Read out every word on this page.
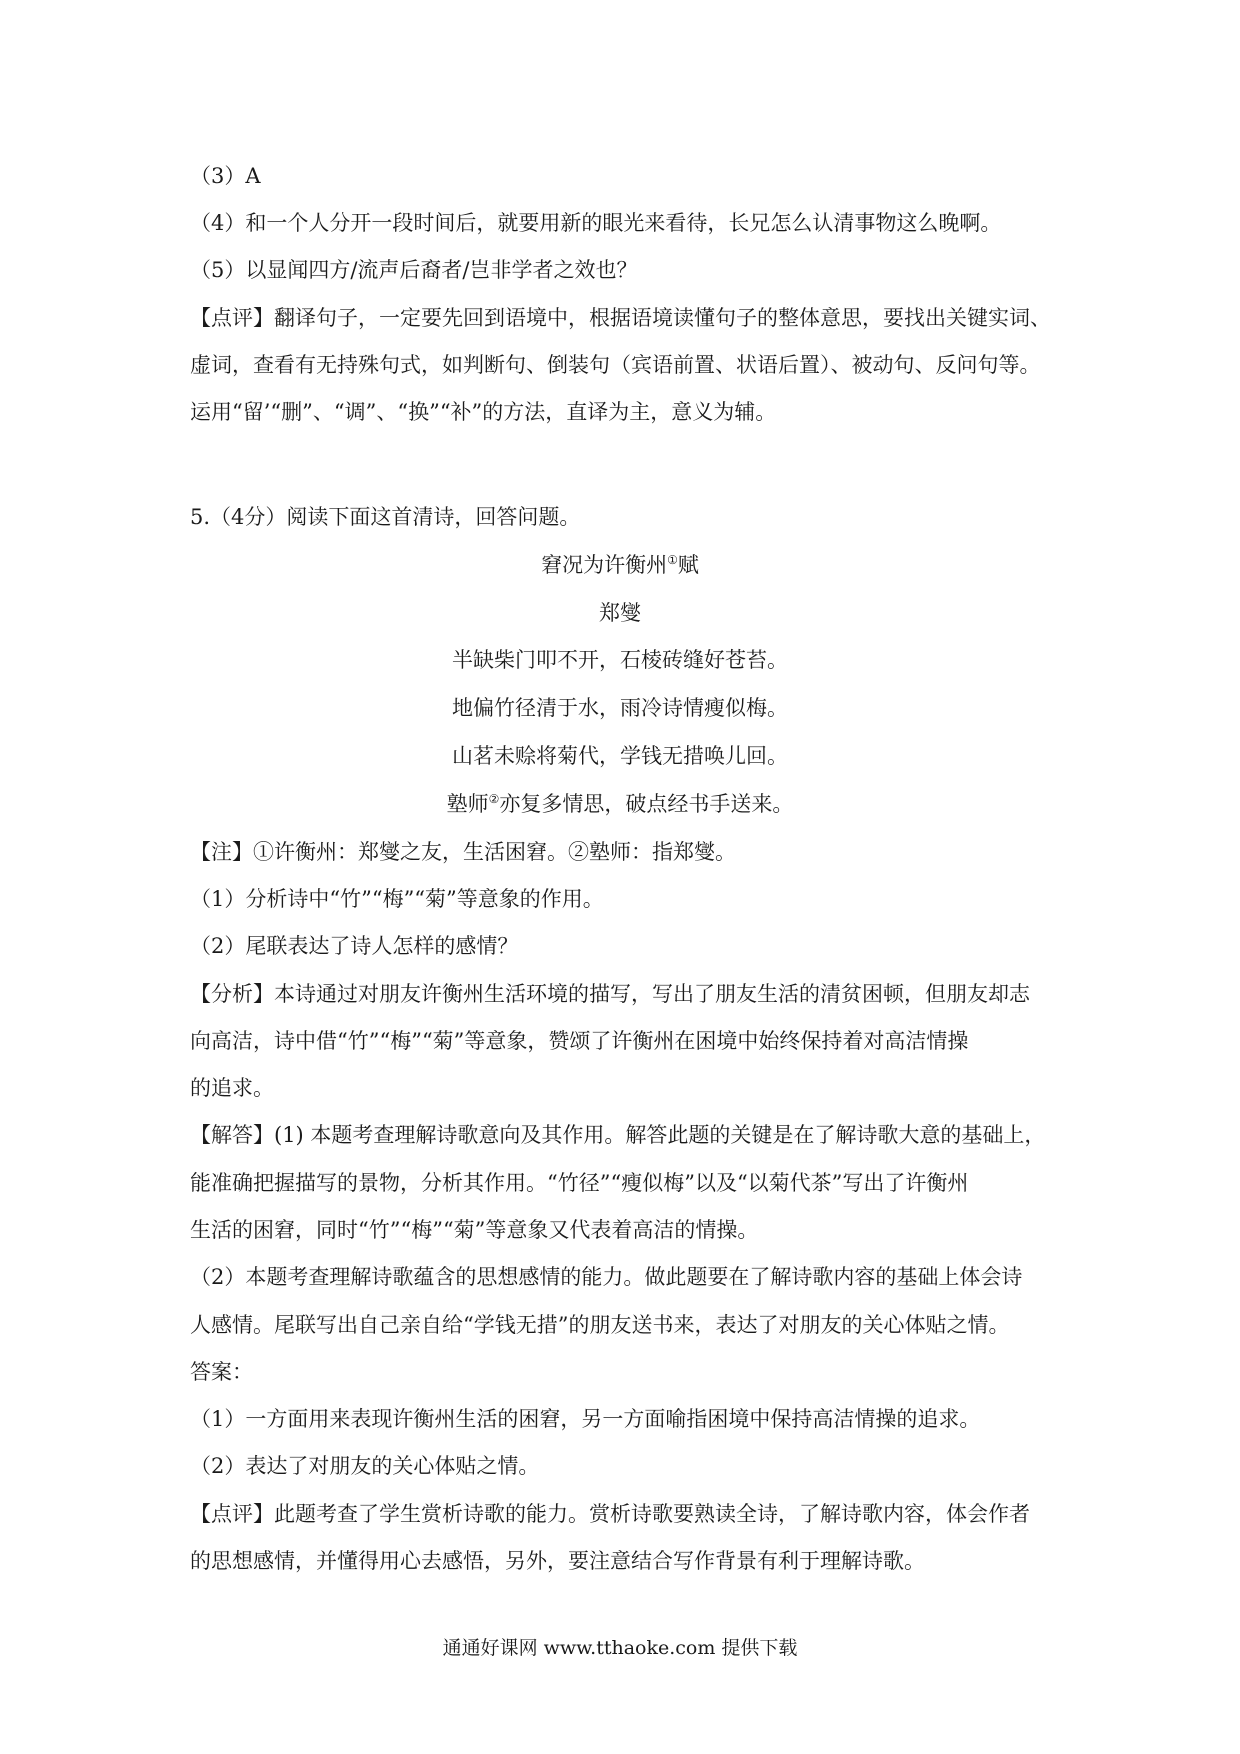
（3）A
（4）和一个人分开一段时间后，就要用新的眼光来看待，长兄怎么认清事物这么晚啊。
（5）以显闻四方/流声后裔者/岂非学者之效也？
【点评】翻译句子，一定要先回到语境中，根据语境读懂句子的整体意思，要找出关键实词、
虚词，查看有无持殊句式，如判断句、倒装句（宾语前置、状语后置）、被动句、反问句等。
运用“留’“删”、“调”、“换”“补”的方法，直译为主，意义为辅。
5.（4分）阅读下面这首清诗，回答问题。
窘况为许衡州①赋
郑燮
半缺柴门叩不开，石棱砖缝好苍苔。
地偏竹径清于水，雨冷诗情瘦似梅。
山茗未赊将菊代，学钱无措唤儿回。
塾师②亦复多情思，破点经书手送来。
【注】①许衡州：郑燮之友，生活困窘。②塾师：指郑燮。
（1）分析诗中“竹”“梅”“菊”等意象的作用。
（2）尾联表达了诗人怎样的感情？
【分析】本诗通过对朋友许衡州生活环境的描写，写出了朋友生活的清贫困顿，但朋友却志
向高洁，诗中借“竹”“梅”“菊”等意象，赞颂了许衡州在困境中始终保持着对高洁情操
的追求。
【解答】(1) 本题考查理解诗歌意向及其作用。解答此题的关键是在了解诗歌大意的基础上，
能准确把握描写的景物，分析其作用。“竹径”“瘦似梅”以及“以菊代茶”写出了许衡州
生活的困窘，同时“竹”“梅”“菊”等意象又代表着高洁的情操。
（2）本题考查理解诗歌蕴含的思想感情的能力。做此题要在了解诗歌内容的基础上体会诗
人感情。尾联写出自己亲自给“学钱无措”的朋友送书来，表达了对朋友的关心体贴之情。
答案：
（1）一方面用来表现许衡州生活的困窘，另一方面喻指困境中保持高洁情操的追求。
（2）表达了对朋友的关心体贴之情。
【点评】此题考查了学生赏析诗歌的能力。赏析诗歌要熟读全诗，了解诗歌内容，体会作者
的思想感情，并懂得用心去感悟，另外，要注意结合写作背景有利于理解诗歌。
通通好课网 www.tthaoke.com 提供下载
